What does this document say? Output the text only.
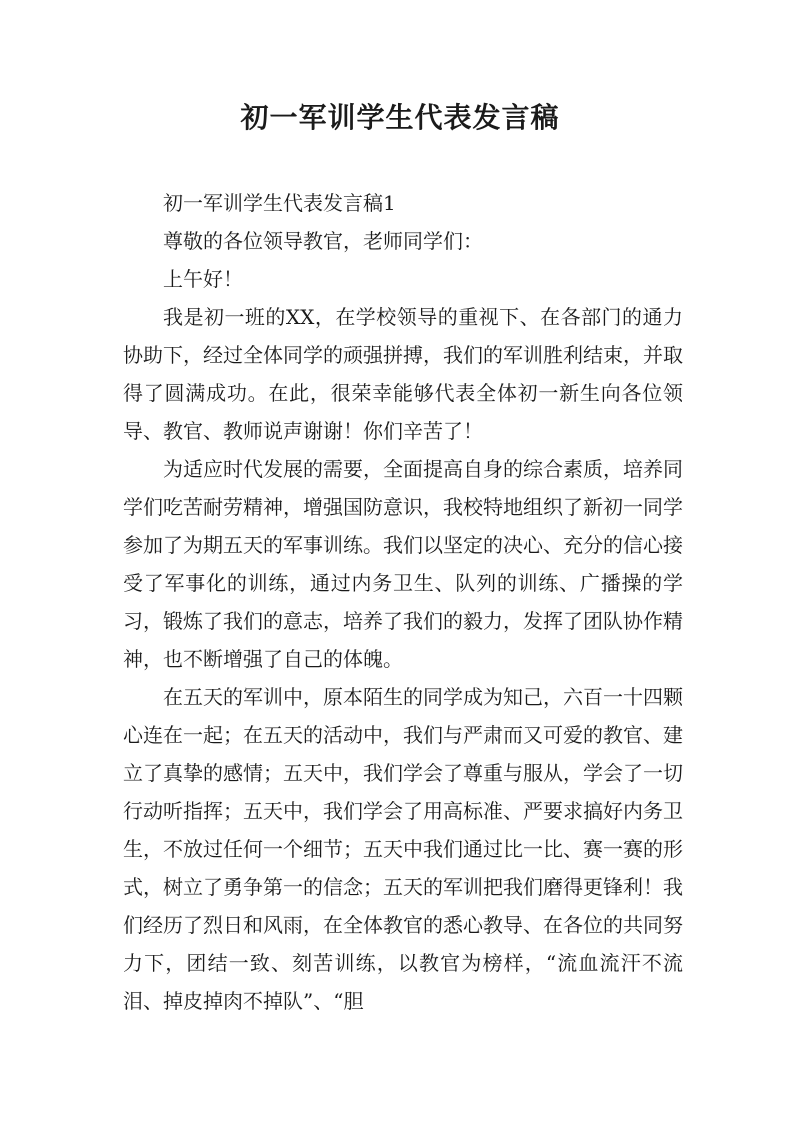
初一军训学生代表发言稿

初一军训学生代表发言稿1

尊敬的各位领导教官，老师同学们：

上午好！

我是初一班的XX，在学校领导的重视下、在各部门的通力协助下，经过全体同学的顽强拼搏，我们的军训胜利结束，并取得了圆满成功。在此，很荣幸能够代表全体初一新生向各位领导、教官、教师说声谢谢！你们辛苦了！

为适应时代发展的需要，全面提高自身的综合素质，培养同学们吃苦耐劳精神，增强国防意识，我校特地组织了新初一同学参加了为期五天的军事训练。我们以坚定的决心、充分的信心接受了军事化的训练，通过内务卫生、队列的训练、广播操的学习，锻炼了我们的意志，培养了我们的毅力，发挥了团队协作精神，也不断增强了自己的体魄。

在五天的军训中，原本陌生的同学成为知己，六百一十四颗心连在一起；在五天的活动中，我们与严肃而又可爱的教官、建立了真挚的感情；五天中，我们学会了尊重与服从，学会了一切行动听指挥；五天中，我们学会了用高标准、严要求搞好内务卫生，不放过任何一个细节；五天中我们通过比一比、赛一赛的形式，树立了勇争第一的信念；五天的军训把我们磨得更锋利！我们经历了烈日和风雨，在全体教官的悉心教导、在各位的共同努力下，团结一致、刻苦训练，以教官为榜样，“流血流汗不流泪、掉皮掉肉不掉队”、“胆
